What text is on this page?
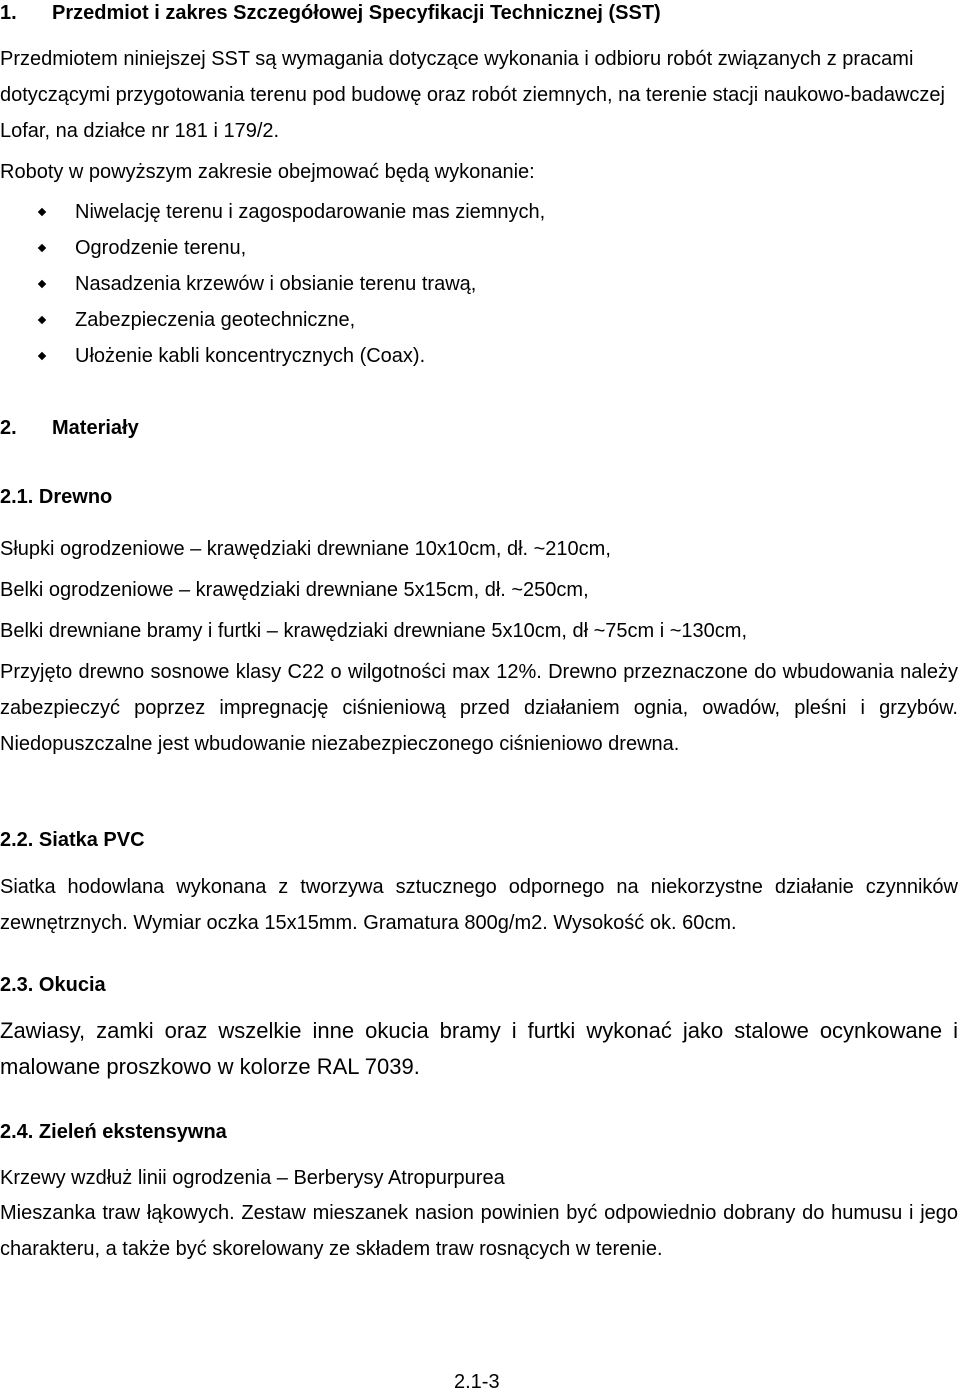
1. Przedmiot i zakres Szczegółowej Specyfikacji Technicznej (SST)

Przedmiotem niniejszej SST są wymagania dotyczące wykonania i odbioru robót związanych z pracami dotyczącymi przygotowania terenu pod budowę oraz robót ziemnych, na terenie stacji naukowo-badawczej Lofar, na działce nr 181 i 179/2.

Roboty w powyższym zakresie obejmować będą wykonanie:

Niwelację terenu i zagospodarowanie mas ziemnych,
Ogrodzenie terenu,
Nasadzenia krzewów i obsianie terenu trawą,
Zabezpieczenia geotechniczne,
Ułożenie kabli koncentrycznych (Coax).
2. Materiały
2.1. Drewno

Słupki ogrodzeniowe – krawędziaki drewniane 10x10cm, dł. ~210cm,

Belki ogrodzeniowe – krawędziaki drewniane 5x15cm, dł. ~250cm,

Belki drewniane bramy i furtki – krawędziaki drewniane 5x10cm, dł ~75cm i ~130cm,

Przyjęto drewno sosnowe klasy C22 o wilgotności max 12%. Drewno przeznaczone do wbudowania należy zabezpieczyć poprzez impregnację ciśnieniową przed działaniem ognia, owadów, pleśni i grzybów. Niedopuszczalne jest wbudowanie niezabezpieczonego ciśnieniowo drewna.

2.2. Siatka PVC

Siatka hodowlana wykonana z tworzywa sztucznego odpornego na niekorzystne działanie czynników zewnętrznych. Wymiar oczka 15x15mm. Gramatura 800g/m2. Wysokość ok. 60cm.

2.3. Okucia

Zawiasy, zamki oraz wszelkie inne okucia bramy i furtki wykonać jako stalowe ocynkowane i malowane proszkowo w kolorze RAL 7039.

2.4. Zieleń ekstensywna

Krzewy wzdłuż linii ogrodzenia – Berberysy Atropurpurea

Mieszanka traw łąkowych. Zestaw mieszanek nasion powinien być odpowiednio dobrany do humusu i jego charakteru, a także być skorelowany ze składem traw rosnących w terenie.

2.1-3
